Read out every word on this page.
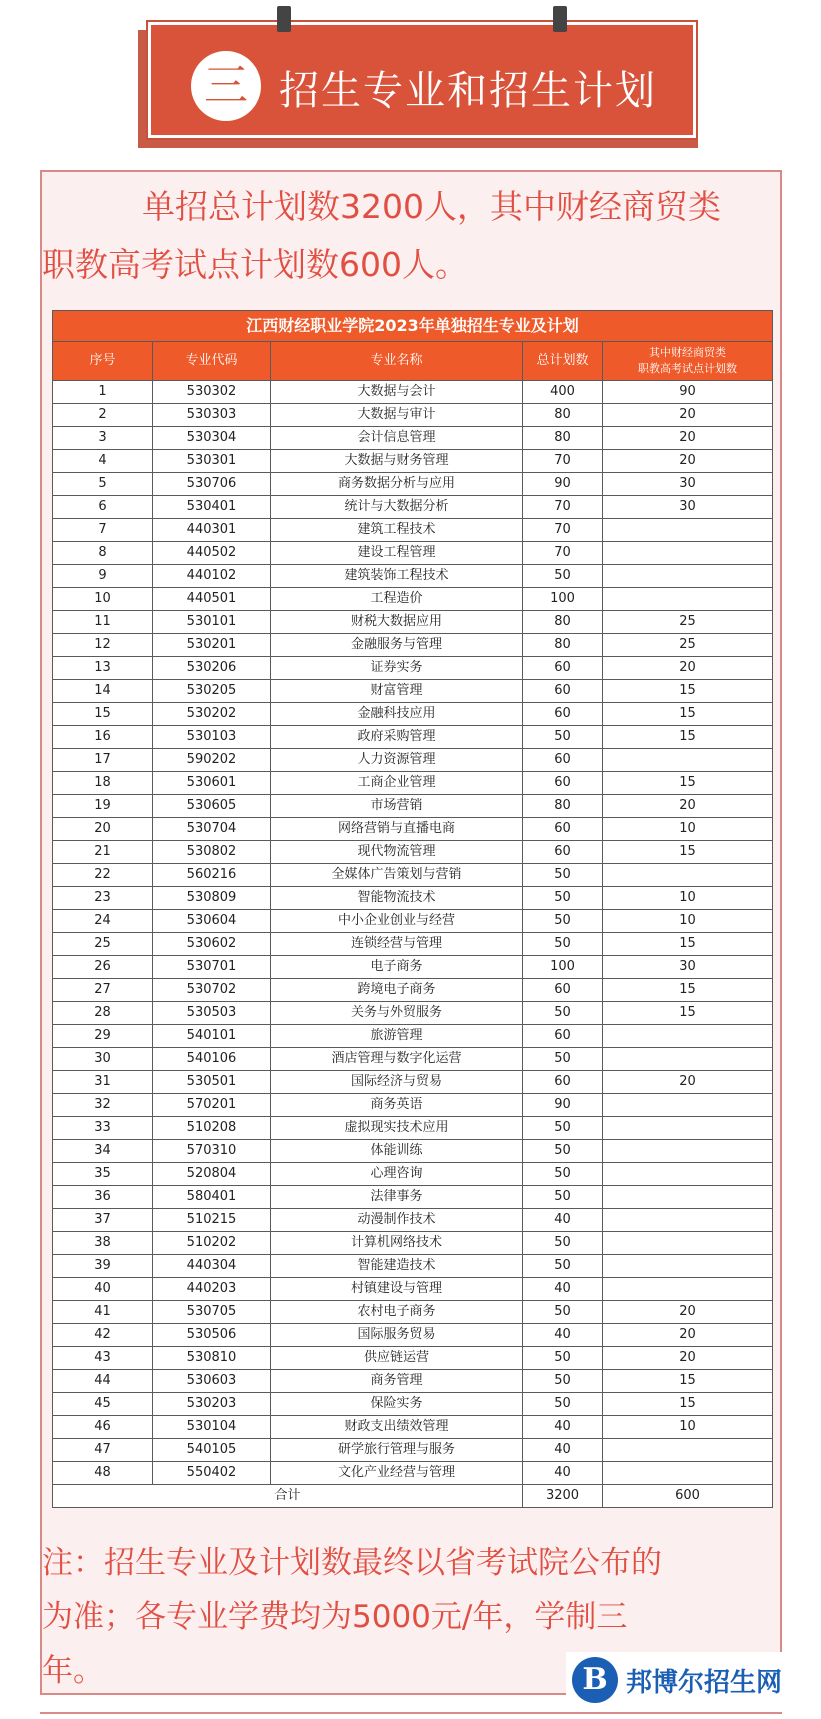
三 招生专业和招生计划
单招总计划数3200人，其中财经商贸类
职教高考试点计划数600人。
江西财经职业学院2023年单独招生专业及计划				
序号	专业代码	专业名称	总计划数	其中财经商贸类
职教高考试点计划数
1	530302	大数据与会计	400	90
2	530303	大数据与审计	80	20
3	530304	会计信息管理	80	20
4	530301	大数据与财务管理	70	20
5	530706	商务数据分析与应用	90	30
6	530401	统计与大数据分析	70	30
7	440301	建筑工程技术	70	
8	440502	建设工程管理	70	
9	440102	建筑装饰工程技术	50	
10	440501	工程造价	100	
11	530101	财税大数据应用	80	25
12	530201	金融服务与管理	80	25
13	530206	证券实务	60	20
14	530205	财富管理	60	15
15	530202	金融科技应用	60	15
16	530103	政府采购管理	50	15
17	590202	人力资源管理	60	
18	530601	工商企业管理	60	15
19	530605	市场营销	80	20
20	530704	网络营销与直播电商	60	10
21	530802	现代物流管理	60	15
22	560216	全媒体广告策划与营销	50	
23	530809	智能物流技术	50	10
24	530604	中小企业创业与经营	50	10
25	530602	连锁经营与管理	50	15
26	530701	电子商务	100	30
27	530702	跨境电子商务	60	15
28	530503	关务与外贸服务	50	15
29	540101	旅游管理	60	
30	540106	酒店管理与数字化运营	50	
31	530501	国际经济与贸易	60	20
32	570201	商务英语	90	
33	510208	虚拟现实技术应用	50	
34	570310	体能训练	50	
35	520804	心理咨询	50	
36	580401	法律事务	50	
37	510215	动漫制作技术	40	
38	510202	计算机网络技术	50	
39	440304	智能建造技术	50	
40	440203	村镇建设与管理	40	
41	530705	农村电子商务	50	20
42	530506	国际服务贸易	40	20
43	530810	供应链运营	50	20
44	530603	商务管理	50	15
45	530203	保险实务	50	15
46	530104	财政支出绩效管理	40	10
47	540105	研学旅行管理与服务	40	
48	550402	文化产业经营与管理	40	
合计			3200	600
注：招生专业及计划数最终以省考试院公布的
为准；各专业学费均为5000元/年，学制三
年。	B 邦博尔招生网
